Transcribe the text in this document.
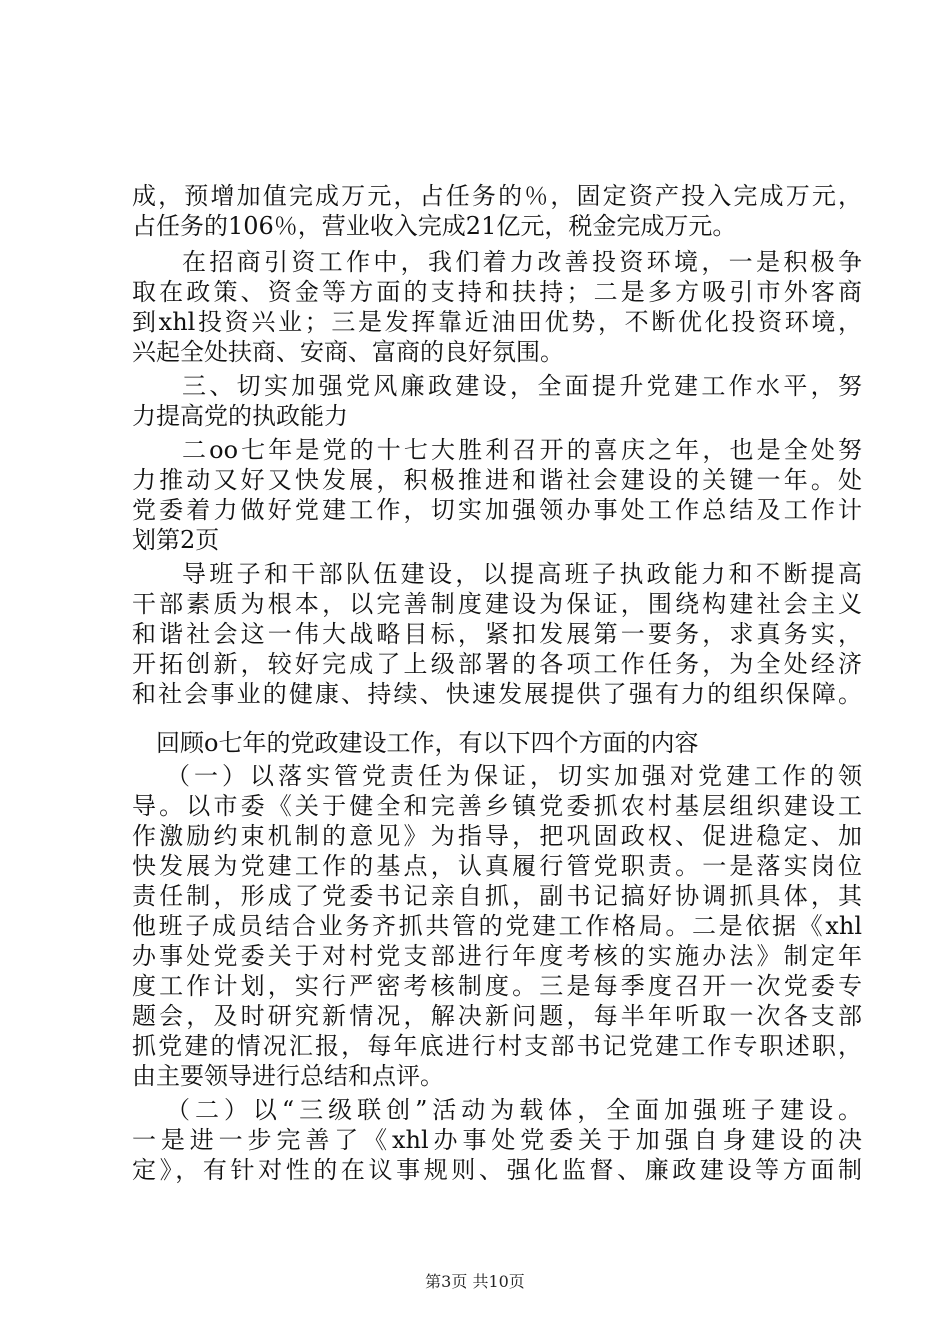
成，预增加值完成万元，占任务的％，固定资产投入完成万元，
占任务的106％，营业收入完成21亿元，税金完成万元。
在招商引资工作中，我们着力改善投资环境，一是积极争
取在政策、资金等方面的支持和扶持；二是多方吸引市外客商
到xhl投资兴业；三是发挥靠近油田优势，不断优化投资环境，
兴起全处扶商、安商、富商的良好氛围。
三、切实加强党风廉政建设，全面提升党建工作水平，努
力提高党的执政能力
二oo七年是党的十七大胜利召开的喜庆之年，也是全处努
力推动又好又快发展，积极推进和谐社会建设的关键一年。处
党委着力做好党建工作，切实加强领办事处工作总结及工作计
划第2页
导班子和干部队伍建设，以提高班子执政能力和不断提高
干部素质为根本，以完善制度建设为保证，围绕构建社会主义
和谐社会这一伟大战略目标，紧扣发展第一要务，求真务实，
开拓创新，较好完成了上级部署的各项工作任务，为全处经济
和社会事业的健康、持续、快速发展提供了强有力的组织保障。
回顾o七年的党政建设工作，有以下四个方面的内容
（一）以落实管党责任为保证，切实加强对党建工作的领
导。以市委《关于健全和完善乡镇党委抓农村基层组织建设工
作激励约束机制的意见》为指导，把巩固政权、促进稳定、加
快发展为党建工作的基点，认真履行管党职责。一是落实岗位
责任制，形成了党委书记亲自抓，副书记搞好协调抓具体，其
他班子成员结合业务齐抓共管的党建工作格局。二是依据《xhl
办事处党委关于对村党支部进行年度考核的实施办法》制定年
度工作计划，实行严密考核制度。三是每季度召开一次党委专
题会，及时研究新情况，解决新问题，每半年听取一次各支部
抓党建的情况汇报，每年底进行村支部书记党建工作专职述职，
由主要领导进行总结和点评。
（二）以“三级联创”活动为载体，全面加强班子建设。
一是进一步完善了《xhl办事处党委关于加强自身建设的决
定》，有针对性的在议事规则、强化监督、廉政建设等方面制
第3页 共10页
